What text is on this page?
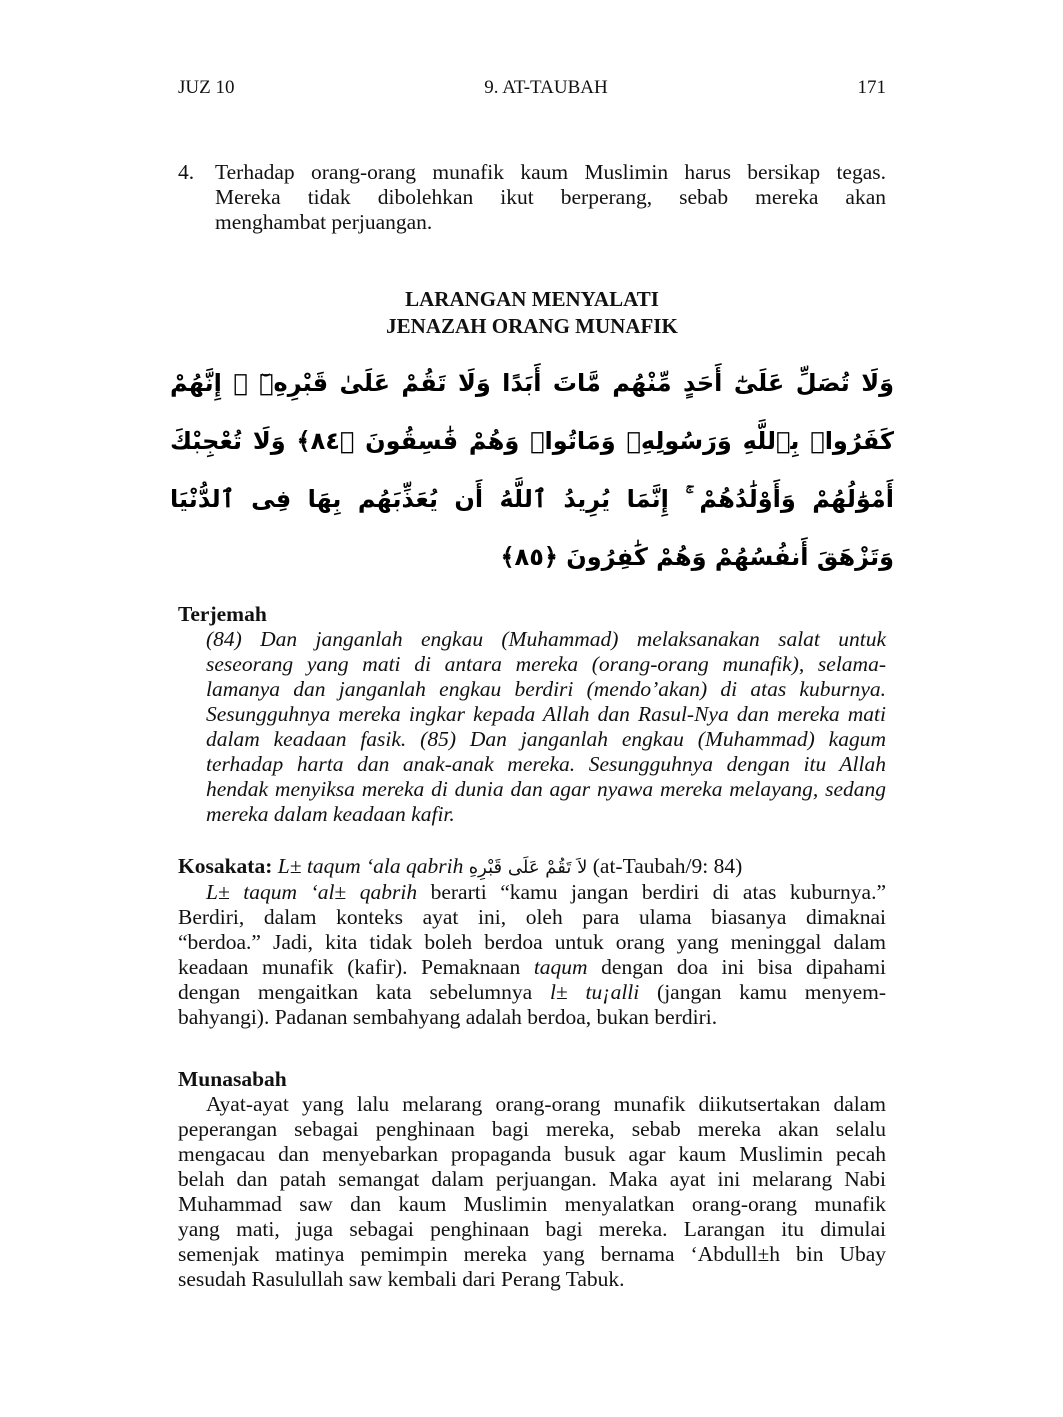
JUZ 10	9. AT-TAUBAH	171
4. Terhadap orang-orang munafik kaum Muslimin harus bersikap tegas.
Mereka tidak dibolehkan ikut berperang, sebab mereka akan
menghambat perjuangan.
LARANGAN MENYALATI
JENAZAH ORANG MUNAFIK
وَلَا تُصَلِّ عَلَىٰٓ أَحَدٍ مِّنْهُم مَّاتَ أَبَدًا وَلَا تَقُمْ عَلَىٰ قَبْرِهِۦٓ ۖ إِنَّهُمْ كَفَرُوا۟ بِٱللَّهِ وَرَسُولِهِۦ وَمَاتُوا۟ وَهُمْ فَٰسِقُونَ ﴿٨٤﴾ وَلَا تُعْجِبْكَ أَمْوَٰلُهُمْ وَأَوْلَٰدُهُمْ ۚ إِنَّمَا يُرِيدُ ٱللَّهُ أَن يُعَذِّبَهُم بِهَا فِى ٱلدُّنْيَا وَتَزْهَقَ أَنفُسُهُمْ وَهُمْ كَٰفِرُونَ ﴿٨٥﴾
Terjemah
(84) Dan janganlah engkau (Muhammad) melaksanakan salat untuk
seseorang yang mati di antara mereka (orang-orang munafik), selama-
lamanya dan janganlah engkau berdiri (mendo’akan) di atas kuburnya.
Sesungguhnya mereka ingkar kepada Allah dan Rasul-Nya dan mereka mati
dalam keadaan fasik. (85) Dan janganlah engkau (Muhammad) kagum
terhadap harta dan anak-anak mereka. Sesungguhnya dengan itu Allah
hendak menyiksa mereka di dunia dan agar nyawa mereka melayang, sedang
mereka dalam keadaan kafir.
Kosakata: L± taqum ‘ala qabrih لاَ تَقُمْ عَلَى قَبْرِهِ (at-Taubah/9: 84)
L± taqum ‘al± qabrih berarti “kamu jangan berdiri di atas kuburnya.”
Berdiri, dalam konteks ayat ini, oleh para ulama biasanya dimaknai
“berdoa.” Jadi, kita tidak boleh berdoa untuk orang yang meninggal dalam
keadaan munafik (kafir). Pemaknaan taqum dengan doa ini bisa dipahami
dengan mengaitkan kata sebelumnya l± tu¡alli (jangan kamu menyem-
bahyangi). Padanan sembahyang adalah berdoa, bukan berdiri.
Munasabah
Ayat-ayat yang lalu melarang orang-orang munafik diikutsertakan dalam
peperangan sebagai penghinaan bagi mereka, sebab mereka akan selalu
mengacau dan menyebarkan propaganda busuk agar kaum Muslimin pecah
belah dan patah semangat dalam perjuangan. Maka ayat ini melarang Nabi
Muhammad saw dan kaum Muslimin menyalatkan orang-orang munafik
yang mati, juga sebagai penghinaan bagi mereka. Larangan itu dimulai
semenjak matinya pemimpin mereka yang bernama ‘Abdull±h bin Ubay
sesudah Rasulullah saw kembali dari Perang Tabuk.
